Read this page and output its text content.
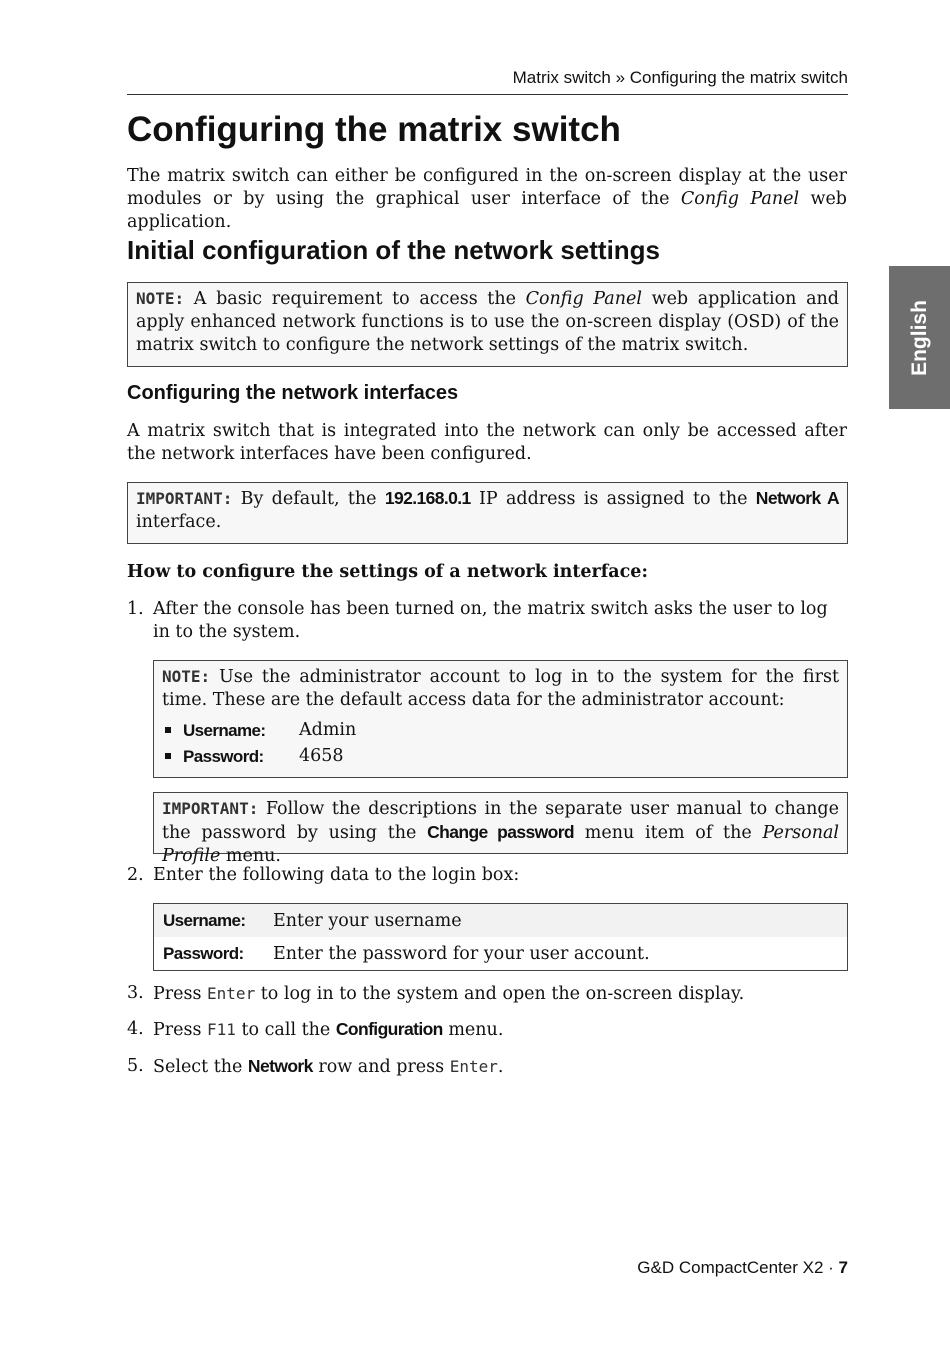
Matrix switch » Configuring the matrix switch
English
Configuring the matrix switch
The matrix switch can either be configured in the on-screen display at the user modules or by using the graphical user interface of the Config Panel web application.
Initial configuration of the network settings
NOTE: A basic requirement to access the Config Panel web application and apply enhanced network functions is to use the on-screen display (OSD) of the matrix switch to configure the network settings of the matrix switch.
Configuring the network interfaces
A matrix switch that is integrated into the network can only be accessed after the network interfaces have been configured.
IMPORTANT: By default, the 192.168.0.1 IP address is assigned to the Network A interface.
How to configure the settings of a network interface:
1. After the console has been turned on, the matrix switch asks the user to log in to the system.
NOTE: Use the administrator account to log in to the system for the first time. These are the default access data for the administrator account:
Username:	Admin
Password:	4658
IMPORTANT: Follow the descriptions in the separate user manual to change the password by using the Change password menu item of the Personal Profile menu.
2. Enter the following data to the login box:
Username:	Enter your username
Password:	Enter the password for your user account.
3. Press Enter to log in to the system and open the on-screen display.
4. Press F11 to call the Configuration menu.
5. Select the Network row and press Enter.
G&D CompactCenter X2 · 7
